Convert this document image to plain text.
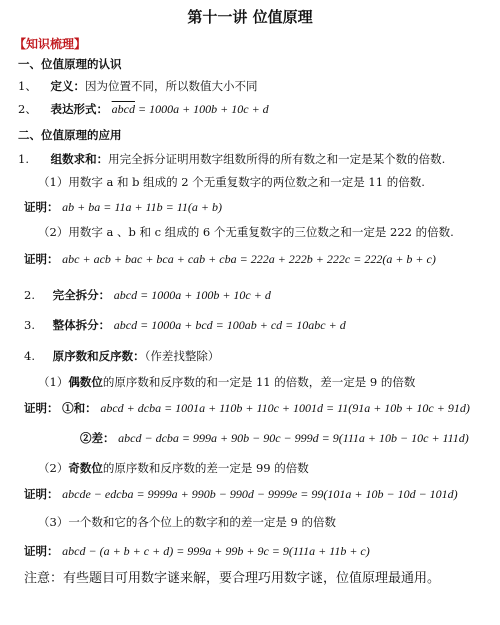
第十一讲 位值原理
【知识梳理】
一、位值原理的认识
1、 定义：因为位置不同，所以数值大小不同
2、 表达形式： abcd = 1000a + 100b + 10c + d
二、位值原理的应用
1. 组数求和：用完全拆分证明用数字组数所得的所有数之和一定是某个数的倍数.
（1）用数字 a 和 b 组成的 2 个无重复数字的两位数之和一定是 11 的倍数.
证明： ab + ba = 11a + 11b = 11(a + b)
（2）用数字 a 、b 和 c 组成的 6 个无重复数字的三位数之和一定是 222 的倍数.
证明： abc + acb + bac + bca + cab + cba = 222a + 222b + 222c = 222(a + b + c)
2. 完全拆分： abcd = 1000a + 100b + 10c + d
3. 整体拆分： abcd = 1000a + bcd = 100ab + cd = 10abc + d
4. 原序数和反序数：（作差找整除）
（1）偶数位的原序数和反序数的和一定是 11 的倍数，差一定是 9 的倍数
证明： ①和： abcd + dcba = 1001a + 110b + 110c + 1001d = 11(91a + 10b + 10c + 91d)
②差： abcd − dcba = 999a + 90b − 90c − 999d = 9(111a + 10b − 10c + 111d)
（2）奇数位的原序数和反序数的差一定是 99 的倍数
证明： abcde − edcba = 9999a + 990b − 990d − 9999e = 99(101a + 10b − 10d − 101d)
（3）一个数和它的各个位上的数字和的差一定是 9 的倍数
证明： abcd − (a + b + c + d) = 999a + 99b + 9c = 9(111a + 11b + c)
注意：有些题目可用数字谜来解，要合理巧用数字谜，位值原理最通用。
